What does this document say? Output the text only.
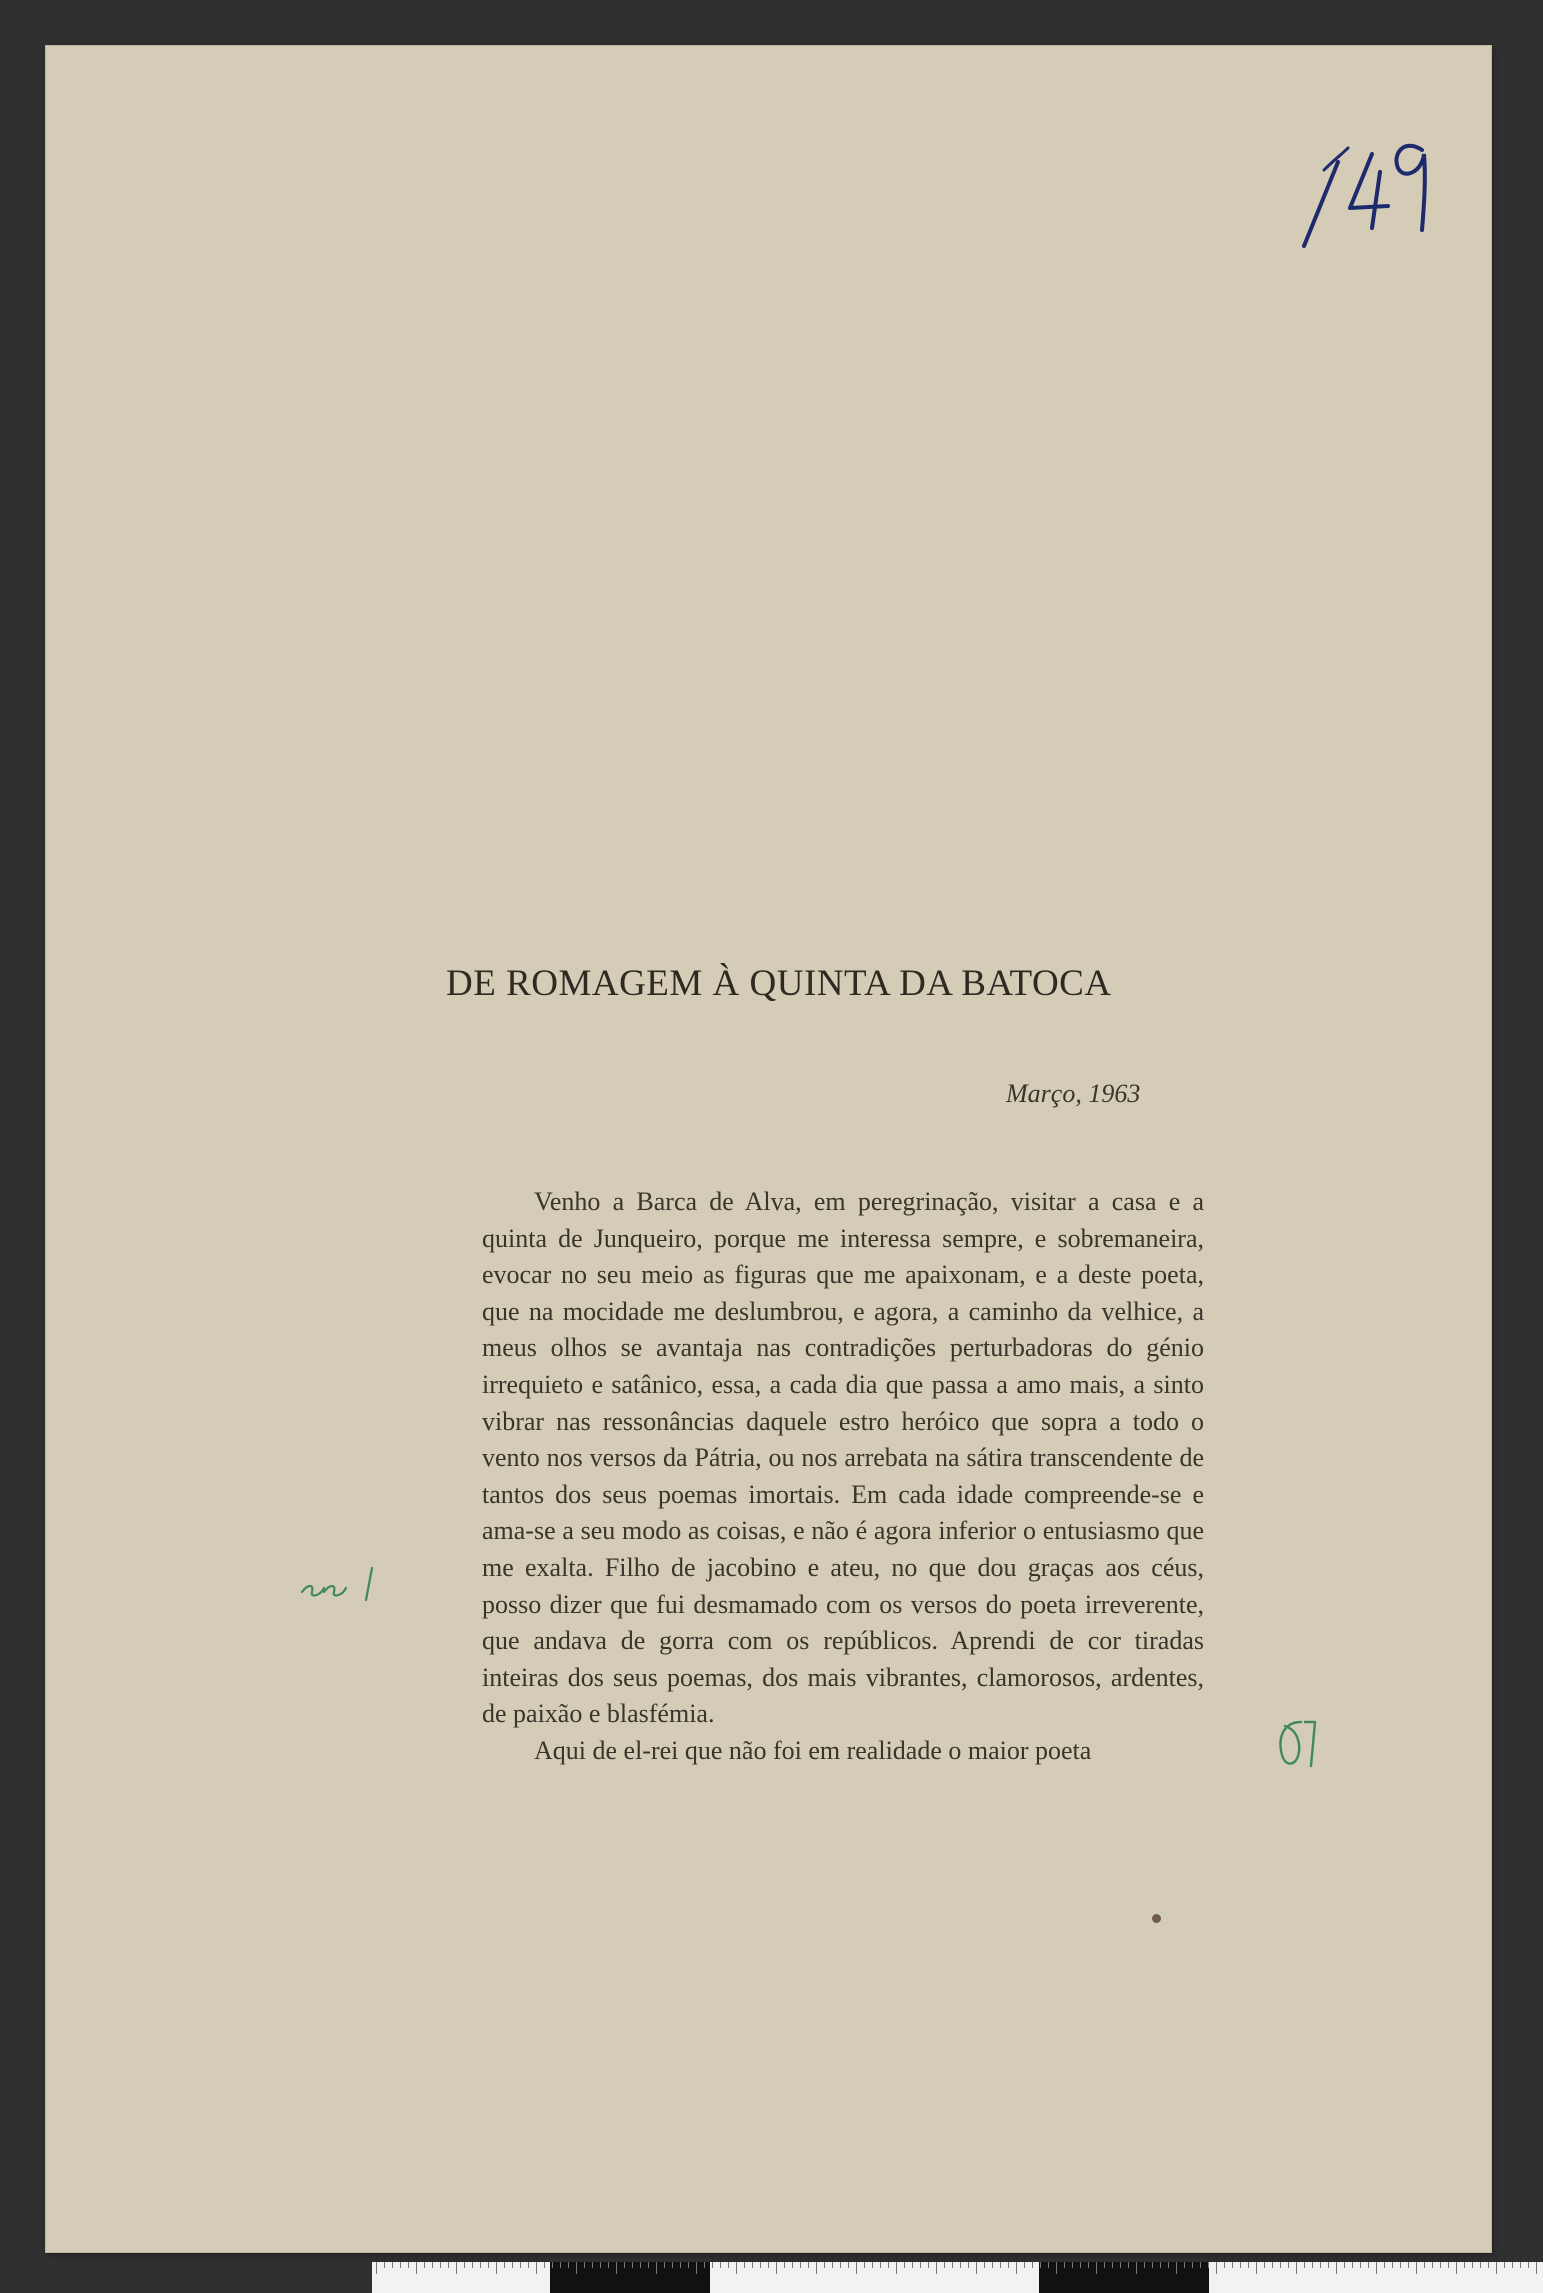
DE ROMAGEM À QUINTA DA BATOCA
Março, 1963

Venho a Barca de Alva, em peregrinação, visitar a casa e a quinta de Junqueiro, porque me interessa sempre, e sobremaneira, evocar no seu meio as figuras que me apaixonam, e a deste poeta, que na mocidade me deslumbrou, e agora, a caminho da velhice, a meus olhos se avantaja nas contradições perturbadoras do génio irrequieto e satânico, essa, a cada dia que passa a amo mais, a sinto vibrar nas ressonâncias daquele estro heróico que sopra a todo o vento nos versos da Pátria, ou nos arrebata na sátira transcendente de tantos dos seus poemas imortais. Em cada idade compreende-se e ama-se a seu modo as coisas, e não é agora inferior o entusiasmo que me exalta. Filho de jacobino e ateu, no que dou graças aos céus, posso dizer que fui desmamado com os versos do poeta irreverente, que andava de gorra com os repúblicos. Aprendi de cor tiradas inteiras dos seus poemas, dos mais vibrantes, clamorosos, ardentes, de paixão e blasfémia.

Aqui de el-rei que não foi em realidade o maior poeta
